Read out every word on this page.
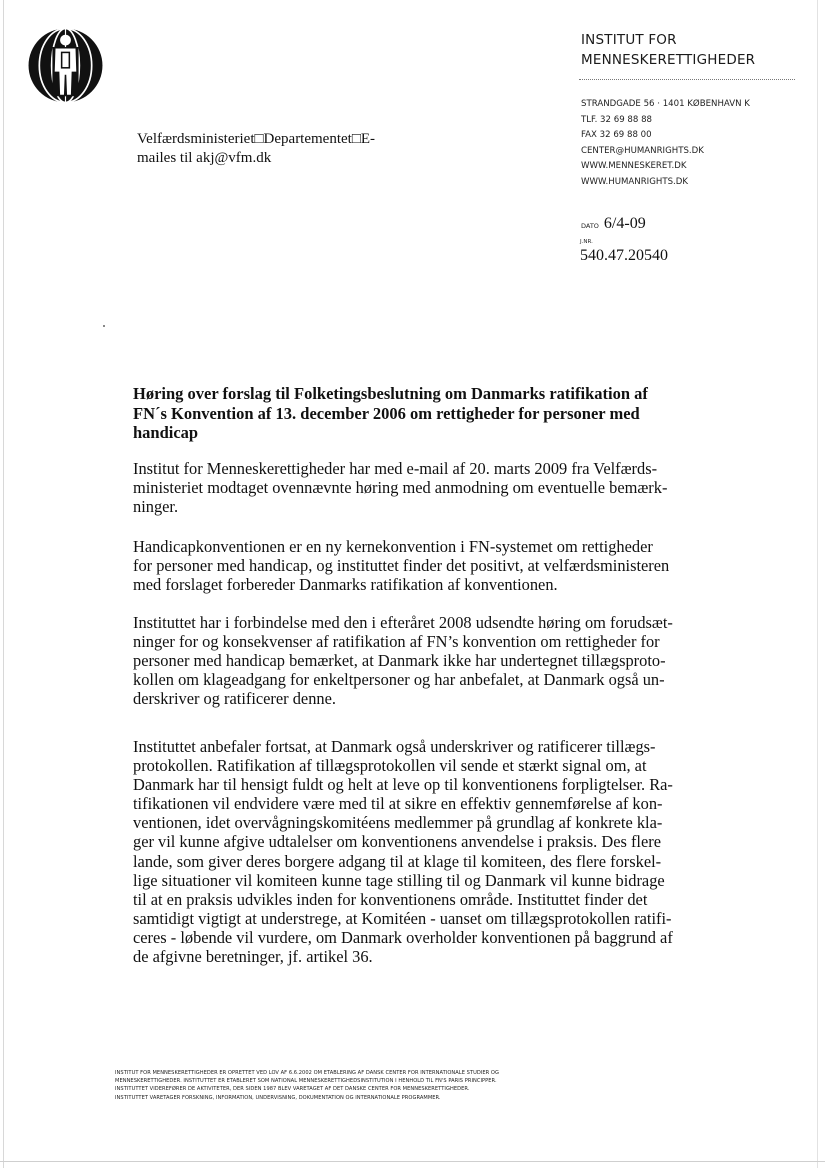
INSTITUT FOR
MENNESKERETTIGHEDER
STRANDGADE 56 · 1401 KØBENHAVN K
TLF. 32 69 88 88
FAX 32 69 88 00
CENTER@HUMANRIGHTS.DK
WWW.MENNESKERET.DK
WWW.HUMANRIGHTS.DK
Velfærdsministeriet□Departementet□E-
mailes til akj@vfm.dk
DATO 6/4-09
J.NR.
540.47.20540
Høring over forslag til Folketingsbeslutning om Danmarks ratifikation af
FN´s Konvention af 13. december 2006 om rettigheder for personer med
handicap
Institut for Menneskerettigheder har med e-mail af 20. marts 2009 fra Velfærds-
ministeriet modtaget ovennævnte høring med anmodning om eventuelle bemærk-
ninger.
Handicapkonventionen er en ny kernekonvention i FN-systemet om rettigheder
for personer med handicap, og instituttet finder det positivt, at velfærdsministeren
med forslaget forbereder Danmarks ratifikation af konventionen.
Instituttet har i forbindelse med den i efteråret 2008 udsendte høring om forudsæt-
ninger for og konsekvenser af ratifikation af FN’s konvention om rettigheder for
personer med handicap bemærket, at Danmark ikke har undertegnet tillægsproto-
kollen om klageadgang for enkeltpersoner og har anbefalet, at Danmark også un-
derskriver og ratificerer denne.
Instituttet anbefaler fortsat, at Danmark også underskriver og ratificerer tillægs-
protokollen. Ratifikation af tillægsprotokollen vil sende et stærkt signal om, at
Danmark har til hensigt fuldt og helt at leve op til konventionens forpligtelser. Ra-
tifikationen vil endvidere være med til at sikre en effektiv gennemførelse af kon-
ventionen, idet overvågningskomitéens medlemmer på grundlag af konkrete kla-
ger vil kunne afgive udtalelser om konventionens anvendelse i praksis. Des flere
lande, som giver deres borgere adgang til at klage til komiteen, des flere forskel-
lige situationer vil komiteen kunne tage stilling til og Danmark vil kunne bidrage
til at en praksis udvikles inden for konventionens område. Instituttet finder det
samtidigt vigtigt at understrege, at Komitéen - uanset om tillægsprotokollen ratifi-
ceres - løbende vil vurdere, om Danmark overholder konventionen på baggrund af
de afgivne beretninger, jf. artikel 36.
INSTITUT FOR MENNESKERETTIGHEDER ER OPRETTET VED LOV AF 6.6.2002 OM ETABLERING AF DANSK CENTER FOR INTERNATIONALE STUDIER OG
MENNESKERETTIGHEDER. INSTITUTTET ER ETABLERET SOM NATIONAL MENNESKERETTIGHEDSINSTITUTION I HENHOLD TIL FN'S PARIS PRINCIPPER.
INSTITUTTET VIDEREFØRER DE AKTIVITETER, DER SIDEN 1987 BLEV VARETAGET AF DET DANSKE CENTER FOR MENNESKERETTIGHEDER.
INSTITUTTET VARETAGER FORSKNING, INFORMATION, UNDERVISNING, DOKUMENTATION OG INTERNATIONALE PROGRAMMER.
